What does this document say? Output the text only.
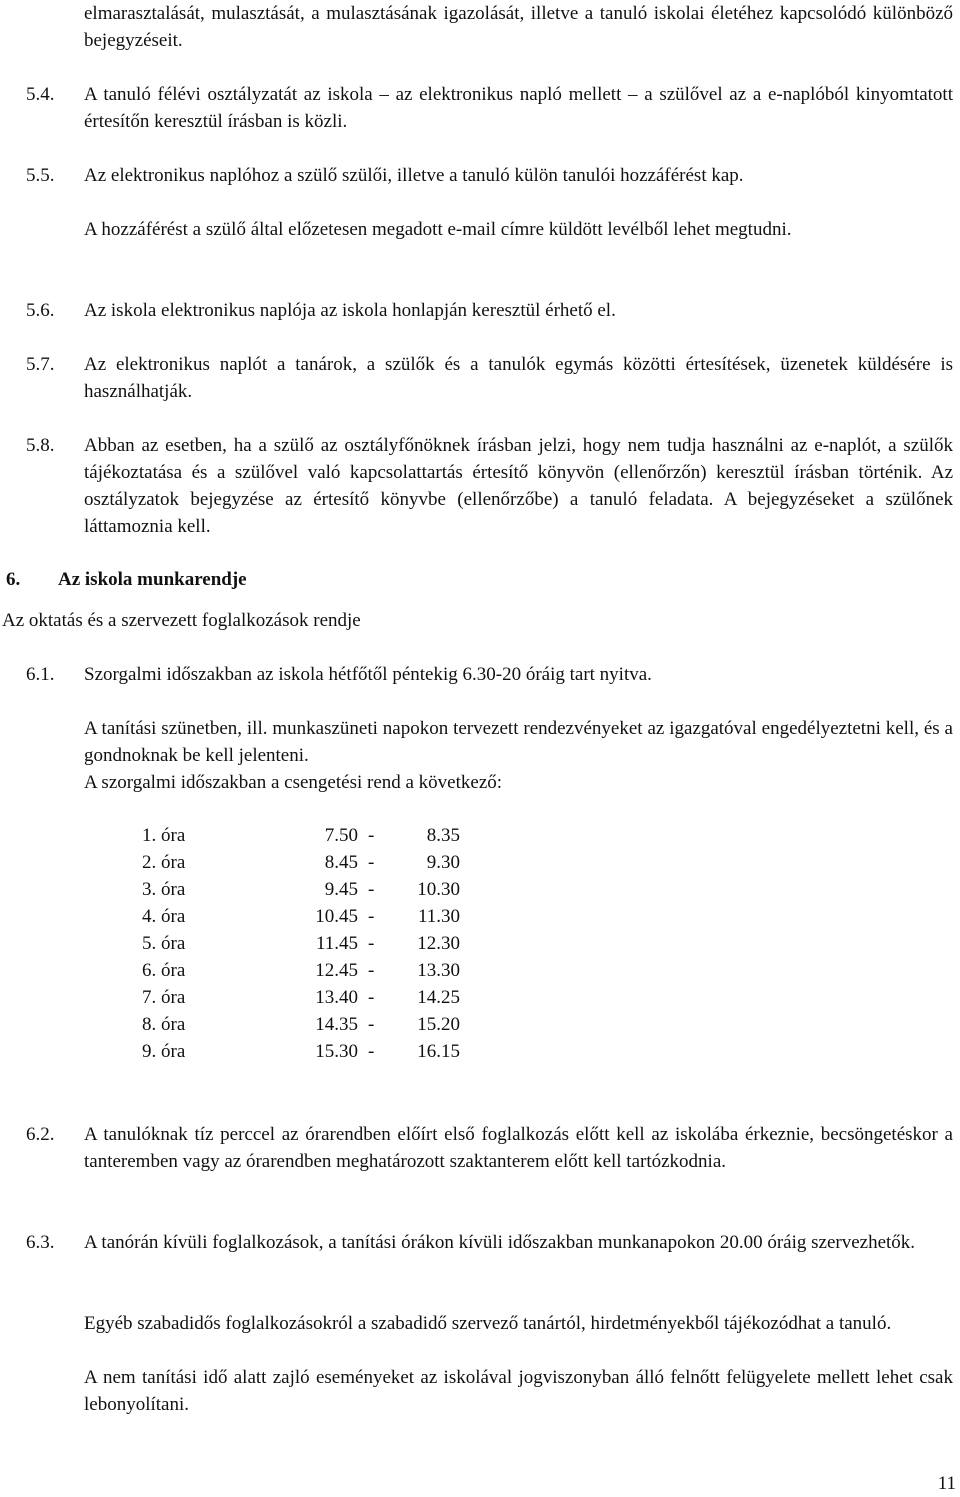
elmarasztalását, mulasztását, a mulasztásának igazolását, illetve a tanuló iskolai életéhez kapcsolódó különböző bejegyzéseit.
5.4. A tanuló félévi osztályzatát az iskola – az elektronikus napló mellett – a szülővel az a e-naplóból kinyomtatott értesítőn keresztül írásban is közli.
5.5. Az elektronikus naplóhoz a szülő szülői, illetve a tanuló külön tanulói hozzáférést kap.
A hozzáférést a szülő által előzetesen megadott e-mail címre küldött levélből lehet megtudni.
5.6. Az iskola elektronikus naplója az iskola honlapján keresztül érhető el.
5.7. Az elektronikus naplót a tanárok, a szülők és a tanulók egymás közötti értesítések, üzenetek küldésére is használhatják.
5.8. Abban az esetben, ha a szülő az osztályfőnöknek írásban jelzi, hogy nem tudja használni az e-naplót, a szülők tájékoztatása és a szülővel való kapcsolattartás értesítő könyvön (ellenőrzőn) keresztül írásban történik. Az osztályzatok bejegyzése az értesítő könyvbe (ellenőrzőbe) a tanuló feladata. A bejegyzéseket a szülőnek láttamoznia kell.
6. Az iskola munkarendje
Az oktatás és a szervezett foglalkozások rendje
6.1. Szorgalmi időszakban az iskola hétfőtől péntekig 6.30-20 óráig tart nyitva.
A tanítási szünetben, ill. munkaszüneti napokon tervezett rendezvényeket az igazgatóval engedélyeztetni kell, és a gondnoknak be kell jelenteni.
A szorgalmi időszakban a csengetési rend a következő:
1. óra	7.50 -	8.35
2. óra	8.45 -	9.30
3. óra	9.45 - 10.30
4. óra	10.45 - 11.30
5. óra	11.45 - 12.30
6. óra	12.45 - 13.30
7. óra	13.40 - 14.25
8. óra	14.35 - 15.20
9. óra	15.30 - 16.15
6.2. A tanulóknak tíz perccel az órarendben előírt első foglalkozás előtt kell az iskolába érkeznie, becsöngetéskor a tanteremben vagy az órarendben meghatározott szaktanterem előtt kell tartózkodnia.
6.3. A tanórán kívüli foglalkozások, a tanítási órákon kívüli időszakban munkanapokon 20.00 óráig szervezhetők.
Egyéb szabadidős foglalkozásokról a szabadidő szervező tanártól, hirdetményekből tájékozódhat a tanuló.
A nem tanítási idő alatt zajló eseményeket az iskolával jogviszonyban álló felnőtt felügyelete mellett lehet csak lebonyolítani.
11
